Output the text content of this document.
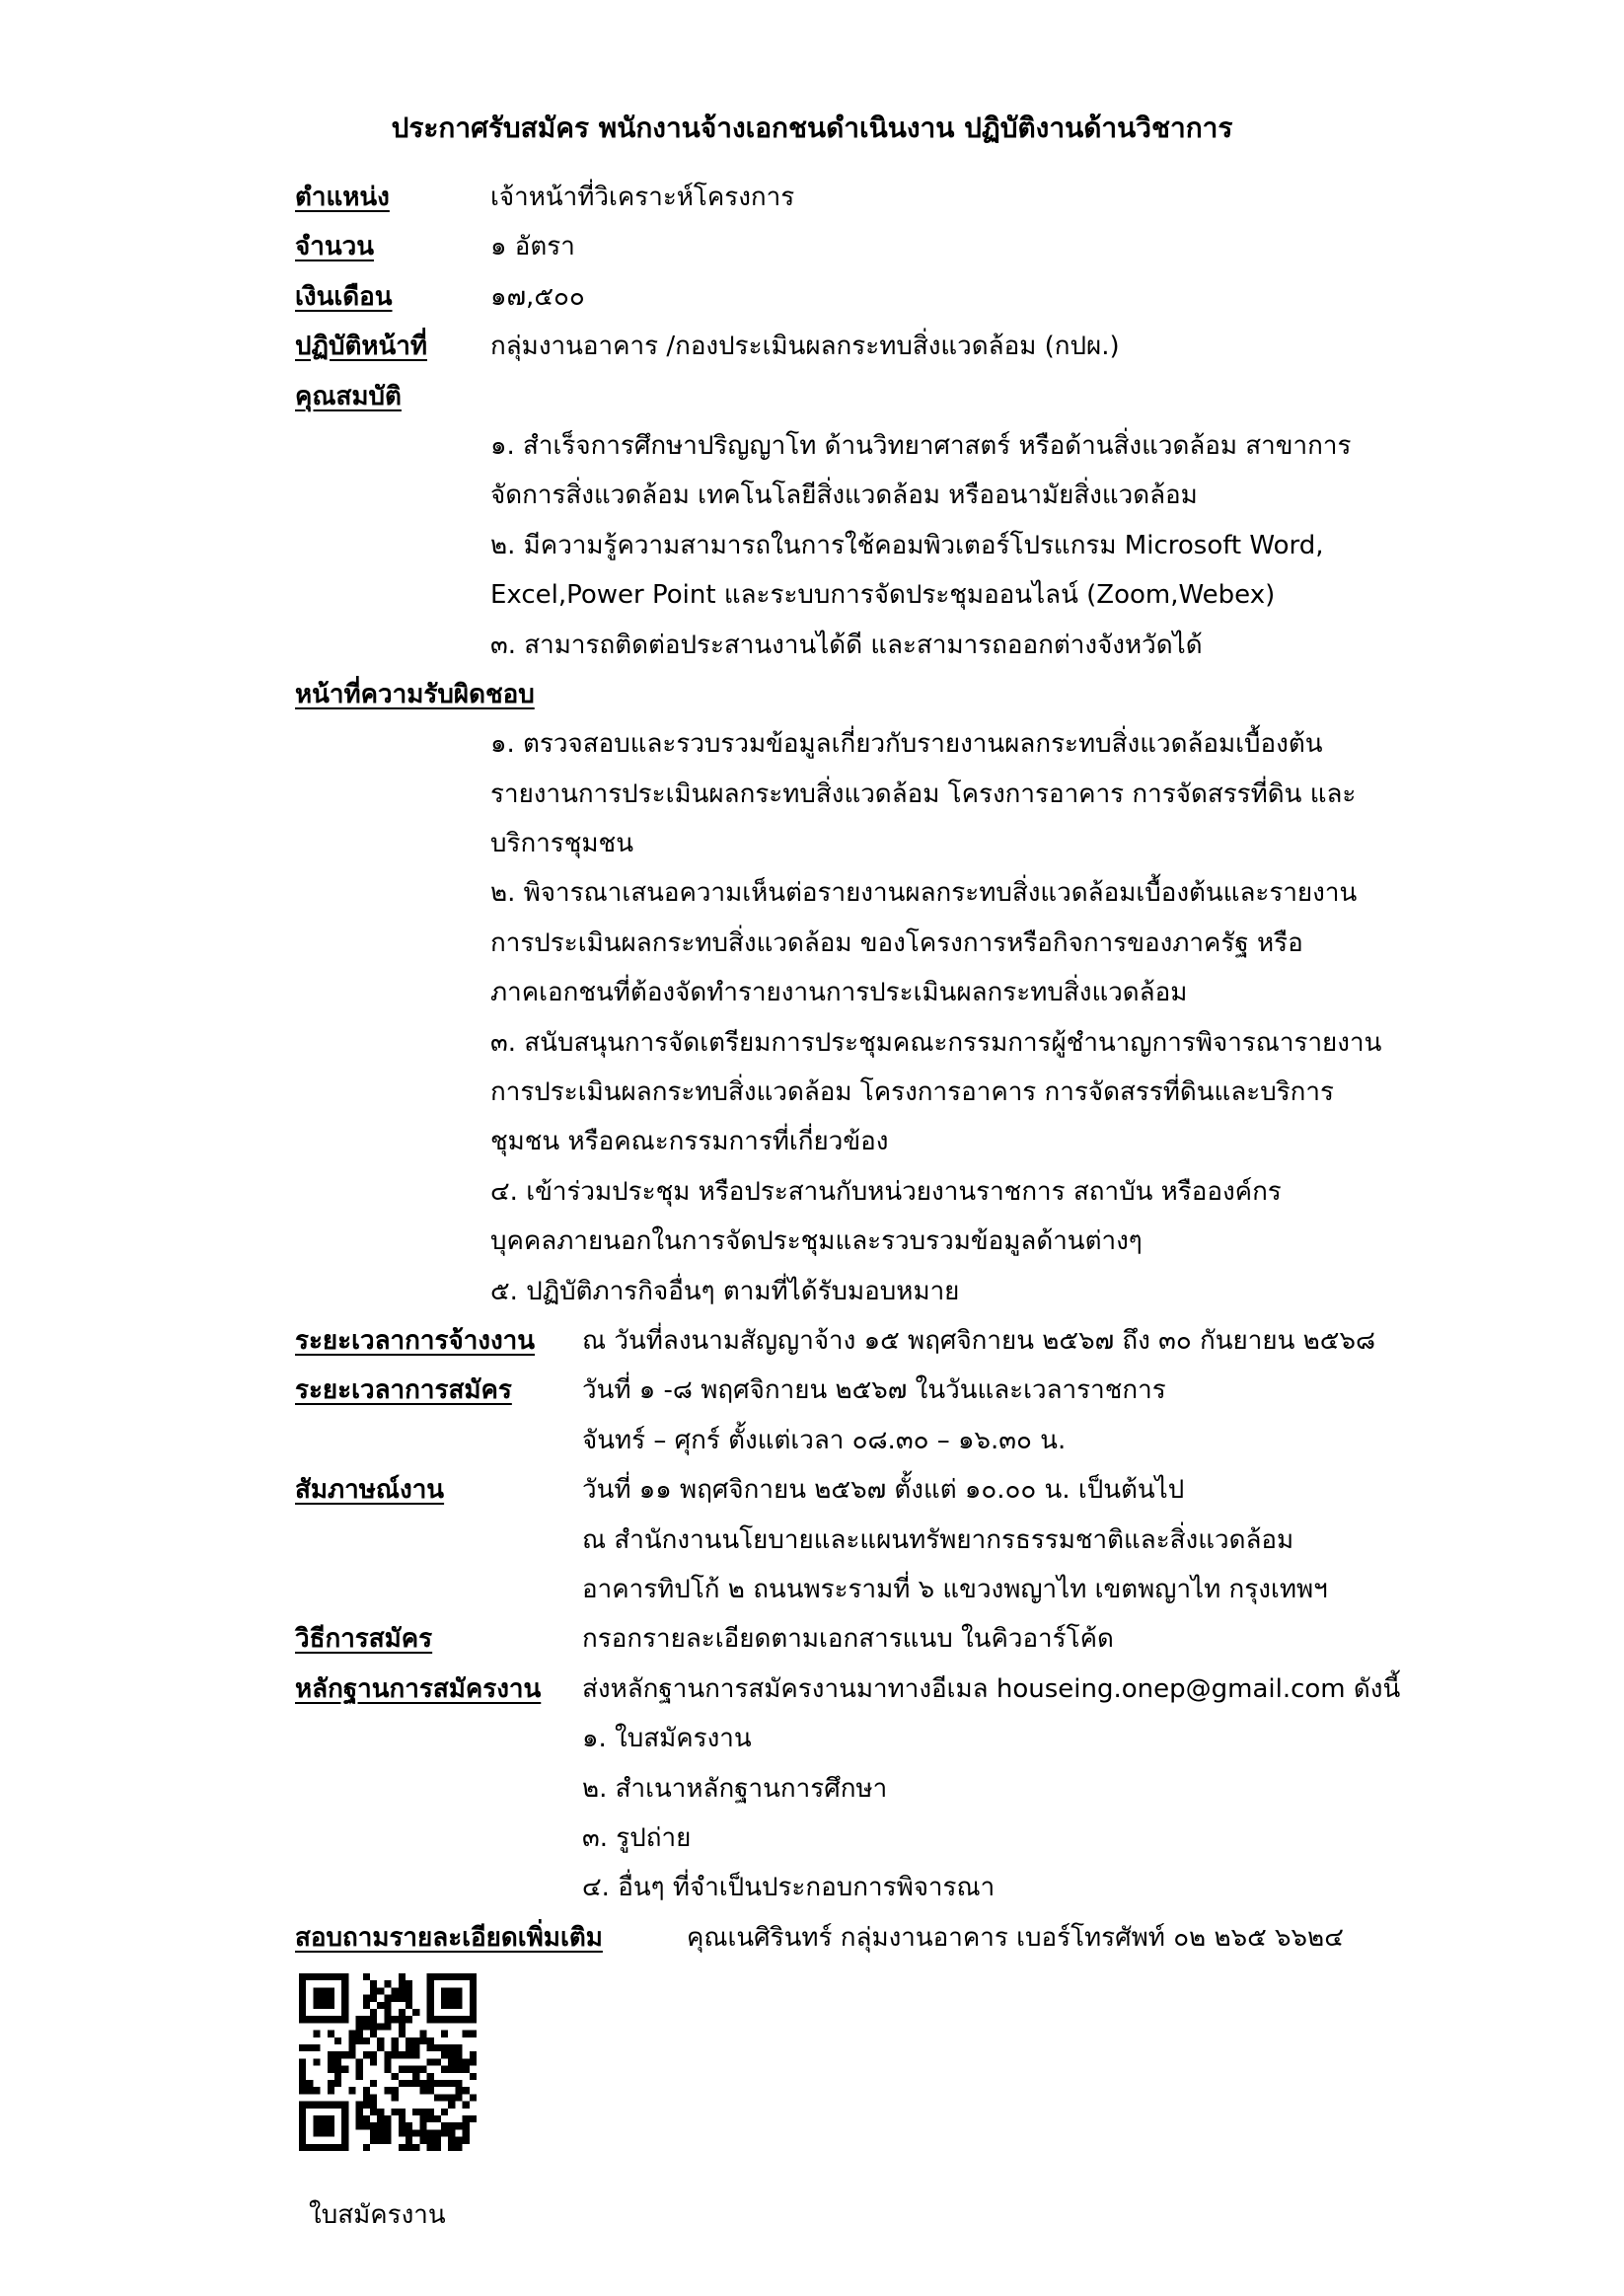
ประกาศรับสมัคร พนักงานจ้างเอกชนดำเนินงาน ปฏิบัติงานด้านวิชาการ
ตำแหน่ง	เจ้าหน้าที่วิเคราะห์โครงการ
จำนวน	๑ อัตรา
เงินเดือน	๑๗,๕๐๐
ปฏิบัติหน้าที่ กลุ่มงานอาคาร /กองประเมินผลกระทบสิ่งแวดล้อม (กปผ.)
คุณสมบัติ
๑. สำเร็จการศึกษาปริญญาโท ด้านวิทยาศาสตร์ หรือด้านสิ่งแวดล้อม สาขาการ
จัดการสิ่งแวดล้อม เทคโนโลยีสิ่งแวดล้อม หรืออนามัยสิ่งแวดล้อม
๒. มีความรู้ความสามารถในการใช้คอมพิวเตอร์โปรแกรม Microsoft Word,
Excel,Power Point และระบบการจัดประชุมออนไลน์ (Zoom,Webex)
๓. สามารถติดต่อประสานงานได้ดี และสามารถออกต่างจังหวัดได้
หน้าที่ความรับผิดชอบ
๑. ตรวจสอบและรวบรวมข้อมูลเกี่ยวกับรายงานผลกระทบสิ่งแวดล้อมเบื้องต้น
รายงานการประเมินผลกระทบสิ่งแวดล้อม โครงการอาคาร การจัดสรรที่ดิน และ
บริการชุมชน
๒. พิจารณาเสนอความเห็นต่อรายงานผลกระทบสิ่งแวดล้อมเบื้องต้นและรายงาน
การประเมินผลกระทบสิ่งแวดล้อม ของโครงการหรือกิจการของภาครัฐ หรือ
ภาคเอกชนที่ต้องจัดทำรายงานการประเมินผลกระทบสิ่งแวดล้อม
๓. สนับสนุนการจัดเตรียมการประชุมคณะกรรมการผู้ชำนาญการพิจารณารายงาน
การประเมินผลกระทบสิ่งแวดล้อม โครงการอาคาร การจัดสรรที่ดินและบริการ
ชุมชน หรือคณะกรรมการที่เกี่ยวข้อง
๔. เข้าร่วมประชุม หรือประสานกับหน่วยงานราชการ สถาบัน หรือองค์กร
บุคคลภายนอกในการจัดประชุมและรวบรวมข้อมูลด้านต่างๆ
๕. ปฏิบัติภารกิจอื่นๆ ตามที่ได้รับมอบหมาย
ระยะเวลาการจ้างงาน ณ วันที่ลงนามสัญญาจ้าง ๑๕ พฤศจิกายน ๒๕๖๗ ถึง ๓๐ กันยายน ๒๕๖๘
ระยะเวลาการสมัคร	วันที่ ๑ -๘ พฤศจิกายน ๒๕๖๗ ในวันและเวลาราชการ
จันทร์ – ศุกร์ ตั้งแต่เวลา ๐๘.๓๐ – ๑๖.๓๐ น.
สัมภาษณ์งาน	วันที่ ๑๑ พฤศจิกายน ๒๕๖๗ ตั้งแต่ ๑๐.๐๐ น. เป็นต้นไป
ณ สำนักงานนโยบายและแผนทรัพยากรธรรมชาติและสิ่งแวดล้อม
อาคารทิปโก้ ๒ ถนนพระรามที่ ๖ แขวงพญาไท เขตพญาไท กรุงเทพฯ
วิธีการสมัคร	กรอกรายละเอียดตามเอกสารแนบ ในคิวอาร์โค้ด
หลักฐานการสมัครงาน ส่งหลักฐานการสมัครงานมาทางอีเมล houseing.onep@gmail.com ดังนี้
๑. ใบสมัครงาน
๒. สำเนาหลักฐานการศึกษา
๓. รูปถ่าย
๔. อื่นๆ ที่จำเป็นประกอบการพิจารณา
สอบถามรายละเอียดเพิ่มเติม	คุณเนศิรินทร์ กลุ่มงานอาคาร เบอร์โทรศัพท์ ๐๒ ๒๖๕ ๖๖๒๔
ใบสมัครงาน
